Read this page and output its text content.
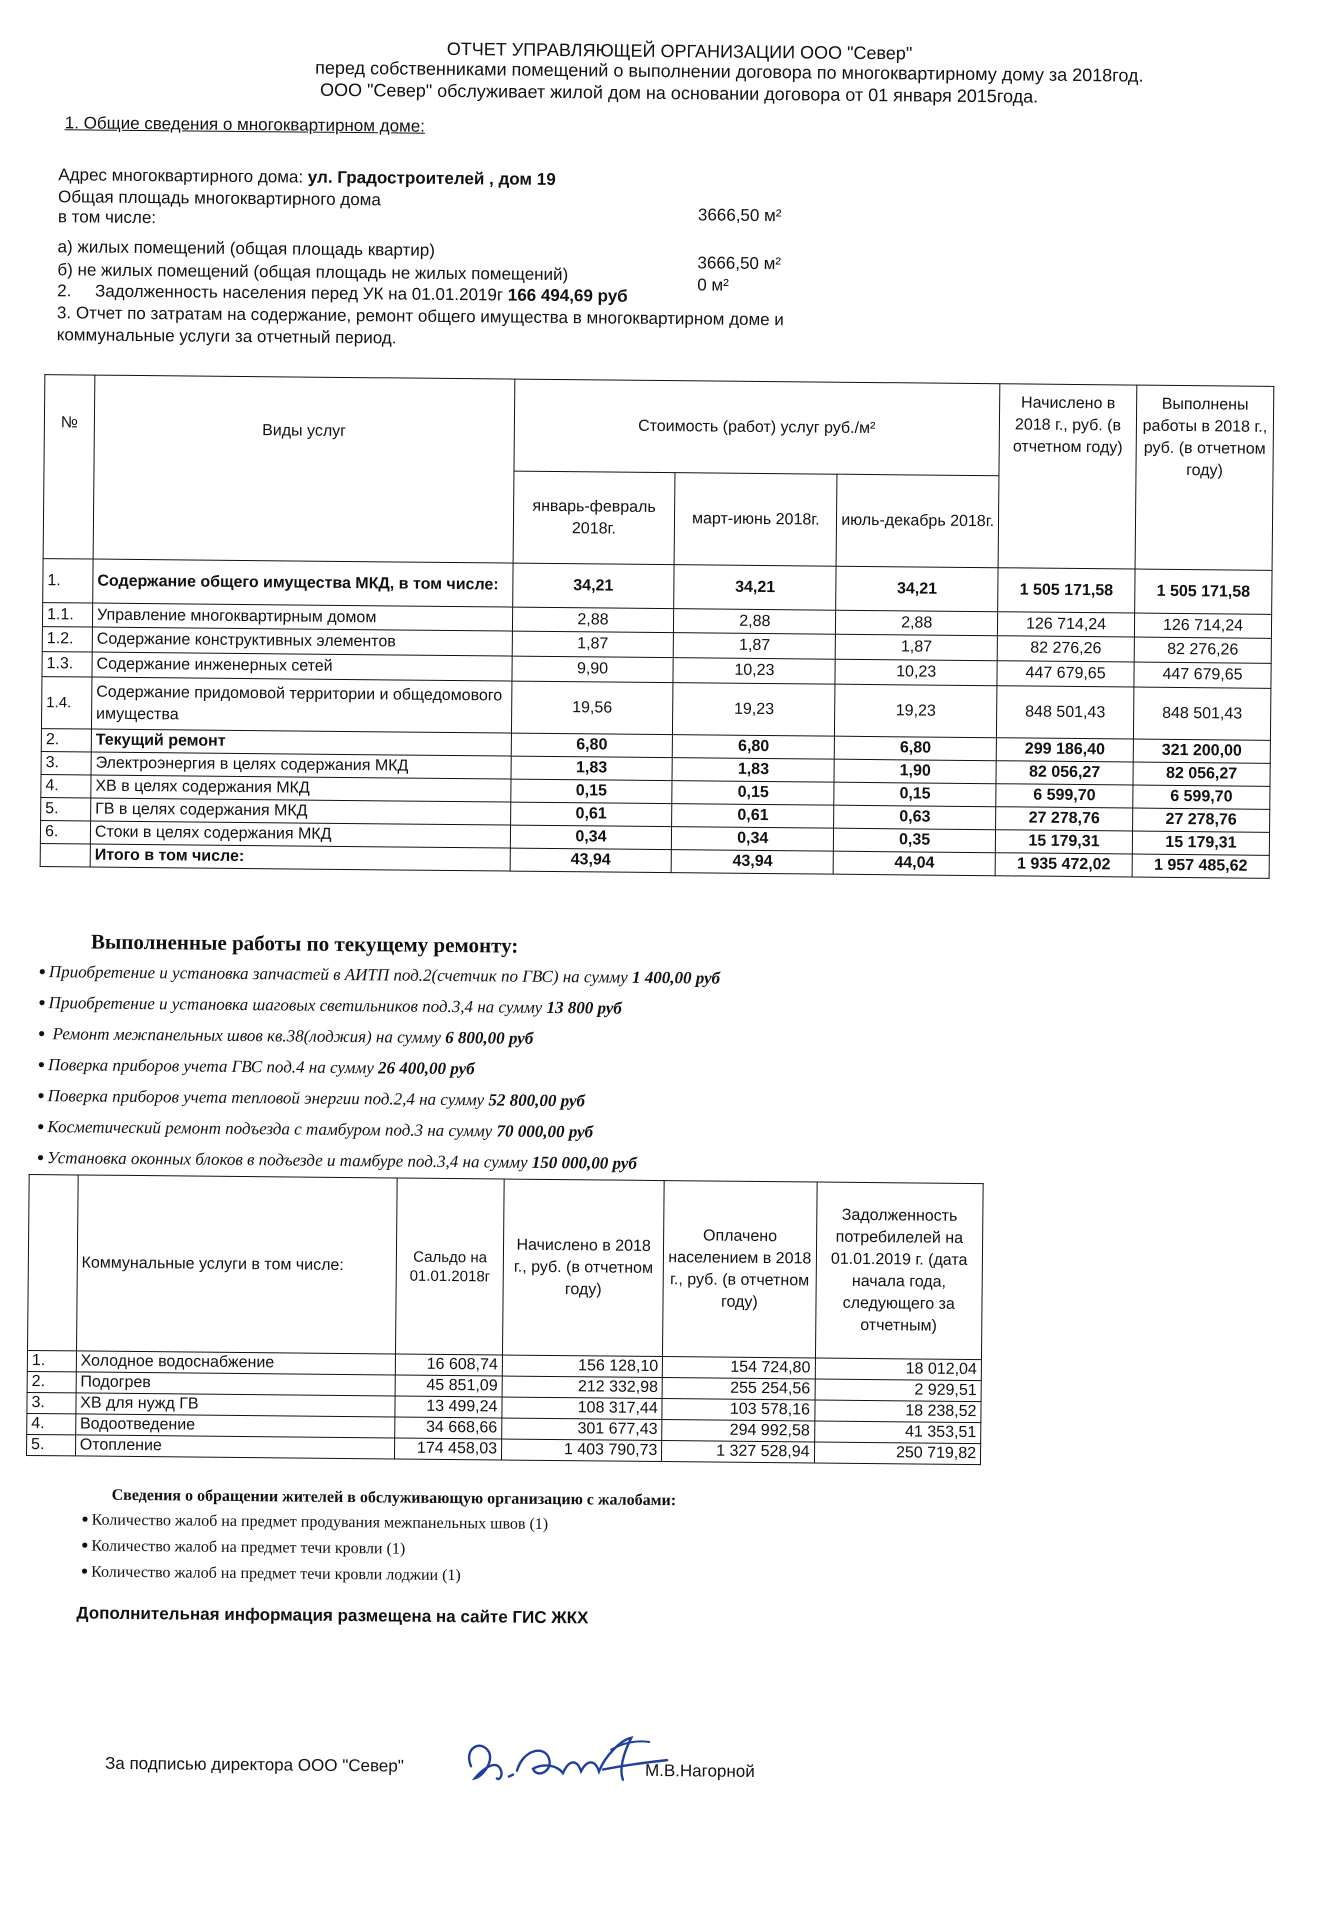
ОТЧЕТ УПРАВЛЯЮЩЕЙ ОРГАНИЗАЦИИ ООО "Север"
перед собственниками помещений о выполнении договора по многоквартирному дому за 2018год.
ООО "Север" обслуживает жилой дом на основании договора от 01 января 2015года.
1. Общие сведения о многоквартирном доме:
Адрес многоквартирного дома: ул. Градостроителей , дом 19
Общая площадь многоквартирного дома
в том числе:	3666,50 м²
а) жилых помещений (общая площадь квартир)
3666,50 м²
б) не жилых помещений (общая площадь не жилых помещений)
0 м²
2. Задолженность населения перед УК на 01.01.2019г 166 494,69 руб
3. Отчет по затратам на содержание, ремонт общего имущества в многоквартирном доме и
коммунальные услуги за отчетный период.
№	Виды услуг	Стоимость (работ) услуг руб./м²			Начислено в 2018 г., руб. (в отчетном году)	Выполнены работы в 2018 г., руб. (в отчетном году)
		январь-февраль 2018г.	март-июнь 2018г.	июль-декабрь 2018г.		
1.	Содержание общего имущества МКД, в том числе:	34,21	34,21	34,21	1 505 171,58	1 505 171,58
1.1.	Управление многоквартирным домом	2,88	2,88	2,88	126 714,24	126 714,24
1.2.	Содержание конструктивных элементов	1,87	1,87	1,87	82 276,26	82 276,26
1.3.	Содержание инженерных сетей	9,90	10,23	10,23	447 679,65	447 679,65
1.4.	Содержание придомовой территории и общедомового имущества	19,56	19,23	19,23	848 501,43	848 501,43
2.	Текущий ремонт	6,80	6,80	6,80	299 186,40	321 200,00
3.	Электроэнергия в целях содержания МКД	1,83	1,83	1,90	82 056,27	82 056,27
4.	ХВ в целях содержания МКД	0,15	0,15	0,15	6 599,70	6 599,70
5.	ГВ в целях содержания МКД	0,61	0,61	0,63	27 278,76	27 278,76
6.	Стоки в целях содержания МКД	0,34	0,34	0,35	15 179,31	15 179,31
	Итого в том числе:	43,94	43,94	44,04	1 935 472,02	1 957 485,62
Выполненные работы по текущему ремонту:
● Приобретение и установка запчастей в АИТП под.2(счетчик по ГВС) на сумму 1 400,00 руб
● Приобретение и установка шаговых светильников под.3,4 на сумму 13 800 руб
● Ремонт межпанельных швов кв.38(лоджия) на сумму 6 800,00 руб
● Поверка приборов учета ГВС под.4 на сумму 26 400,00 руб
● Поверка приборов учета тепловой энергии под.2,4 на сумму 52 800,00 руб
● Косметический ремонт подъезда с тамбуром под.3 на сумму 70 000,00 руб
● Установка оконных блоков в подъезде и тамбуре под.3,4 на сумму 150 000,00 руб
	Коммунальные услуги в том числе:	Сальдо на 01.01.2018г	Начислено в 2018 г., руб. (в отчетном году)	Оплачено населением в 2018 г., руб. (в отчетном году)	Задолженность потребилелей на 01.01.2019 г. (дата начала года, следующего за отчетным)
1.	Холодное водоснабжение	16 608,74	156 128,10	154 724,80	18 012,04
2.	Подогрев	45 851,09	212 332,98	255 254,56	2 929,51
3.	ХВ для нужд ГВ	13 499,24	108 317,44	103 578,16	18 238,52
4.	Водоотведение	34 668,66	301 677,43	294 992,58	41 353,51
5.	Отопление	174 458,03	1 403 790,73	1 327 528,94	250 719,82
Сведения о обращении жителей в обслуживающую организацию с жалобами:
● Количество жалоб на предмет продувания межпанельных швов (1)
● Количество жалоб на предмет течи кровли (1)
● Количество жалоб на предмет течи кровли лоджии (1)
Дополнительная информация размещена на сайте ГИС ЖКХ
За подписью директора ООО "Север"	М.В.Нагорной
